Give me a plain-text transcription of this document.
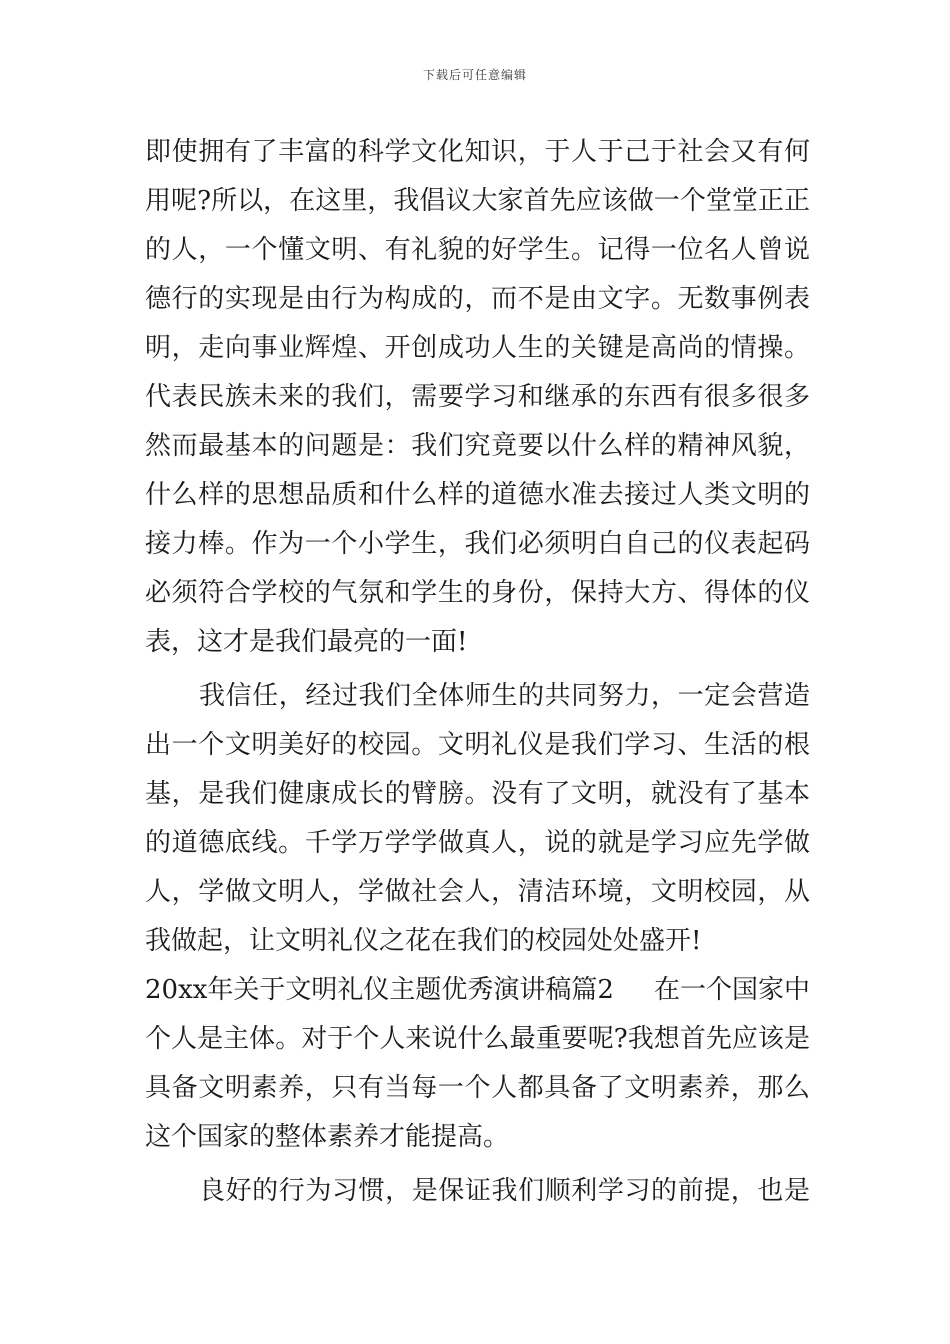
下载后可任意编辑
即使拥有了丰富的科学文化知识，于人于己于社会又有何
用呢?所以，在这里，我倡议大家首先应该做一个堂堂正正
的人，一个懂文明、有礼貌的好学生。记得一位名人曾说
德行的实现是由行为构成的，而不是由文字。无数事例表
明，走向事业辉煌、开创成功人生的关键是高尚的情操。
代表民族未来的我们，需要学习和继承的东西有很多很多
然而最基本的问题是：我们究竟要以什么样的精神风貌，
什么样的思想品质和什么样的道德水准去接过人类文明的
接力棒。作为一个小学生，我们必须明白自己的仪表起码
必须符合学校的气氛和学生的身份，保持大方、得体的仪
表，这才是我们最亮的一面!
我信任，经过我们全体师生的共同努力，一定会营造
出一个文明美好的校园。文明礼仪是我们学习、生活的根
基，是我们健康成长的臂膀。没有了文明，就没有了基本
的道德底线。千学万学学做真人，说的就是学习应先学做
人，学做文明人，学做社会人，清洁环境，文明校园，从
我做起，让文明礼仪之花在我们的校园处处盛开!
20xx年关于文明礼仪主题优秀演讲稿篇2	在一个国家中
个人是主体。对于个人来说什么最重要呢?我想首先应该是
具备文明素养，只有当每一个人都具备了文明素养，那么
这个国家的整体素养才能提高。
良好的行为习惯，是保证我们顺利学习的前提，也是
